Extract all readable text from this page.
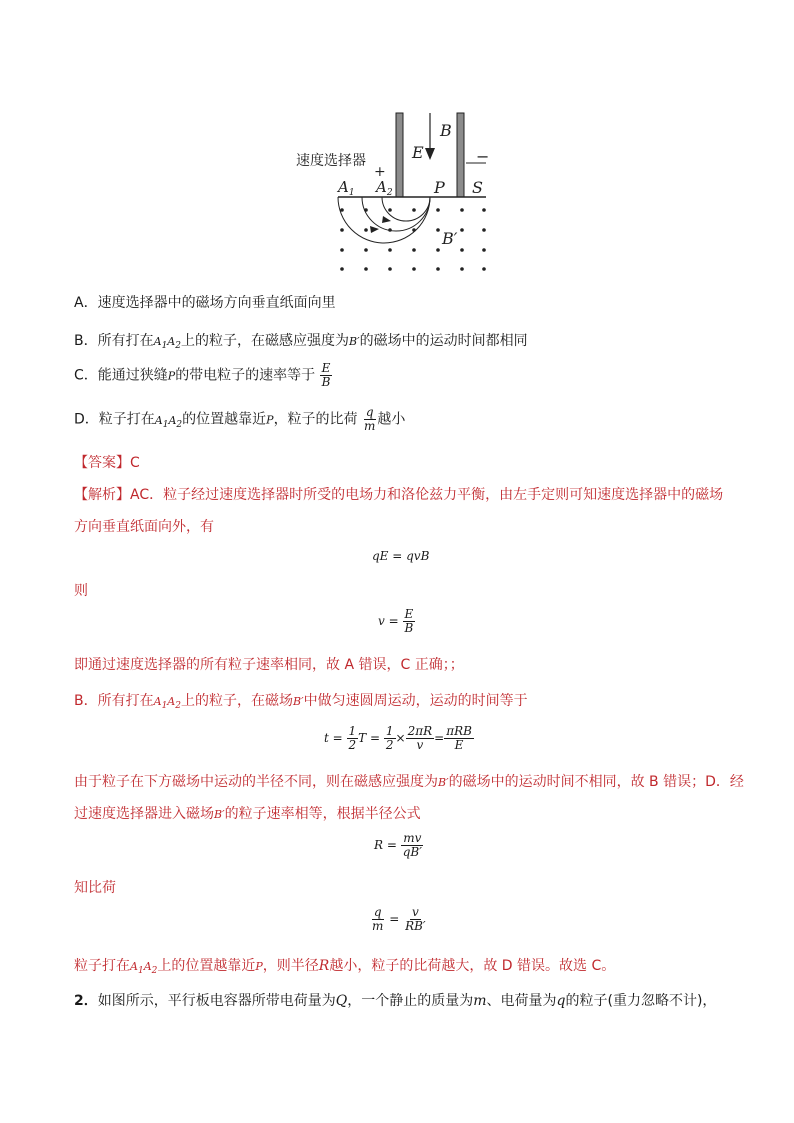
E
B
+
−
$A_1$ $A_2$	P S
B′
速度选择器
A．速度选择器中的磁场方向垂直纸面向里
B．所有打在$A_1A_2$上的粒子，在磁感应强度为B′的磁场中的运动时间都相同
C．能通过狭缝P的带电粒子的速率等于 $\frac{E}{B}$
D．粒子打在$A_1A_2$的位置越靠近P，粒子的比荷 $\frac{q}{m}$ 越小
【答案】C
【解析】AC．粒子经过速度选择器时所受的电场力和洛伦兹力平衡，由左手定则可知速度选择器中的磁场
方向垂直纸面向外，有
qE = qvB
则
$v = \frac{E}{B}$
即通过速度选择器的所有粒子速率相同，故 A 错误，C 正确；；
B．所有打在$A_1A_2$上的粒子，在磁场B′中做匀速圆周运动，运动的时间等于
$t = \frac{1}{2}$ $T = \frac{1}{2} \times \frac{2\pi R}{v} = \frac{\text{πRB}}{E}$
由于粒子在下方磁场中运动的半径不同，则在磁感应强度为B′的磁场中的运动时间不相同，故 B 错误；D．经
过速度选择器进入磁场B′的粒子速率相等，根据半径公式
$R = \frac{mv}{qB'}$
知比荷
$\frac{q}{m} = \frac{v}{RB'}$
粒子打在$A_1A_2$上的位置越靠近P，则半径R越小，粒子的比荷越大，故 D 错误。故选 C。
2．如图所示，平行板电容器所带电荷量为Q，一个静止的质量为m、电荷量为q的粒子(重力忽略不计)，
